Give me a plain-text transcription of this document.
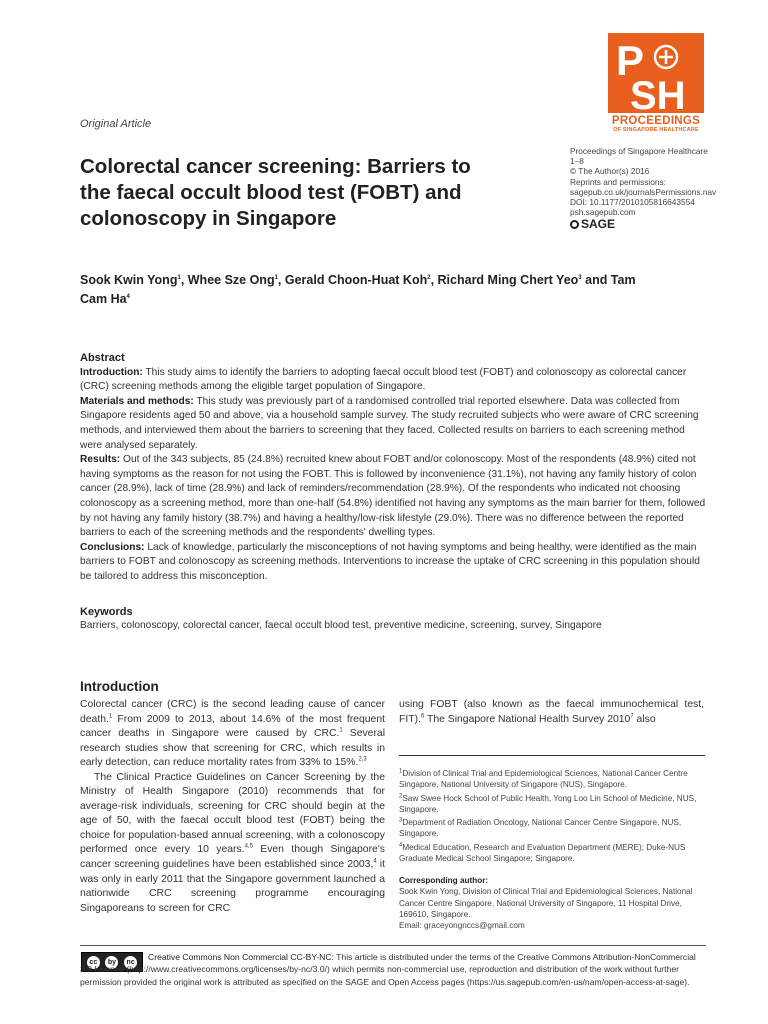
P
SH
PROCEEDINGS
OF SINGAPORE HEALTHCARE
Original Article
Colorectal cancer screening: Barriers to the faecal occult blood test (FOBT) and colonoscopy in Singapore
Proceedings of Singapore Healthcare
1–8
© The Author(s) 2016
Reprints and permissions:
sagepub.co.uk/journalsPermissions.nav
DOI: 10.1177/2010105816643554
psh.sagepub.com
SAGE

Sook Kwin Yong$^1$, Whee Sze Ong$^1$, Gerald Choon-Huat Koh$^2$, Richard Ming Chert Yeo$^3$ and Tam Cam Ha$^4$

Abstract

Introduction: This study aims to identify the barriers to adopting faecal occult blood test (FOBT) and colonoscopy as colorectal cancer (CRC) screening methods among the eligible target population of Singapore.

Materials and methods: This study was previously part of a randomised controlled trial reported elsewhere. Data was collected from Singapore residents aged 50 and above, via a household sample survey. The study recruited subjects who were aware of CRC screening methods, and interviewed them about the barriers to screening that they faced. Collected results on barriers to each screening method were analysed separately.

Results: Out of the 343 subjects, 85 (24.8%) recruited knew about FOBT and/or colonoscopy. Most of the respondents (48.9%) cited not having symptoms as the reason for not using the FOBT. This is followed by inconvenience (31.1%), not having any family history of colon cancer (28.9%), lack of time (28.9%) and lack of reminders/recommendation (28.9%). Of the respondents who indicated not choosing colonoscopy as a screening method, more than one-half (54.8%) identified not having any symptoms as the main barrier for them, followed by not having any family history (38.7%) and having a healthy/low-risk lifestyle (29.0%). There was no difference between the reported barriers to each of the screening methods and the respondents' dwelling types.

Conclusions: Lack of knowledge, particularly the misconceptions of not having symptoms and being healthy, were identified as the main barriers to FOBT and colonoscopy as screening methods. Interventions to increase the uptake of CRC screening in this population should be tailored to address this misconception.

Keywords
Barriers, colonoscopy, colorectal cancer, faecal occult blood test, preventive medicine, screening, survey, Singapore
Introduction

Colorectal cancer (CRC) is the second leading cause of cancer death.$^1$ From 2009 to 2013, about 14.6% of the most frequent cancer deaths in Singapore were caused by CRC.$^1$ Several research studies show that screening for CRC, which results in early detection, can reduce mortality rates from 33% to 15%.$^{2,3}$

The Clinical Practice Guidelines on Cancer Screening by the Ministry of Health Singapore (2010) recommends that for average-risk individuals, screening for CRC should begin at the age of 50, with the faecal occult blood test (FOBT) being the choice for population-based annual screening, with a colonoscopy performed once every 10 years.$^{4,5}$ Even though Singapore's cancer screening guidelines have been established since 2003,$^4$ it was only in early 2011 that the Singapore government launched a nationwide CRC screening programme encouraging Singaporeans to screen for CRC

using FOBT (also known as the faecal immunochemical test, FIT).$^6$ The Singapore National Health Survey 2010$^7$ also
$^1$Division of Clinical Trial and Epidemiological Sciences, National Cancer Centre Singapore, National University of Singapore (NUS), Singapore.
$^2$Saw Swee Hock School of Public Health, Yong Loo Lin School of Medicine, NUS, Singapore.
$^3$Department of Radiation Oncology, National Cancer Centre Singapore, NUS, Singapore.
$^4$Medical Education, Research and Evaluation Department (MERE); Duke-NUS Graduate Medical School Singapore; Singapore.
Corresponding author:
Sook Kwin Yong, Division of Clinical Trial and Epidemiological Sciences, National Cancer Centre Singapore, National University of Singapore, 11 Hospital Drive, 169610, Singapore.
Email: graceyongnccs@gmail.com
cc	by	nc	Creative Commons Non Commercial CC-BY-NC: This article is distributed under the terms of the Creative Commons Attribution-NonCommercial 3.0 License (http://www.creativecommons.org/licenses/by-nc/3.0/) which permits non-commercial use, reproduction and distribution of the work without further permission provided the original work is attributed as specified on the SAGE and Open Access pages (https://us.sagepub.com/en-us/nam/open-access-at-sage).
